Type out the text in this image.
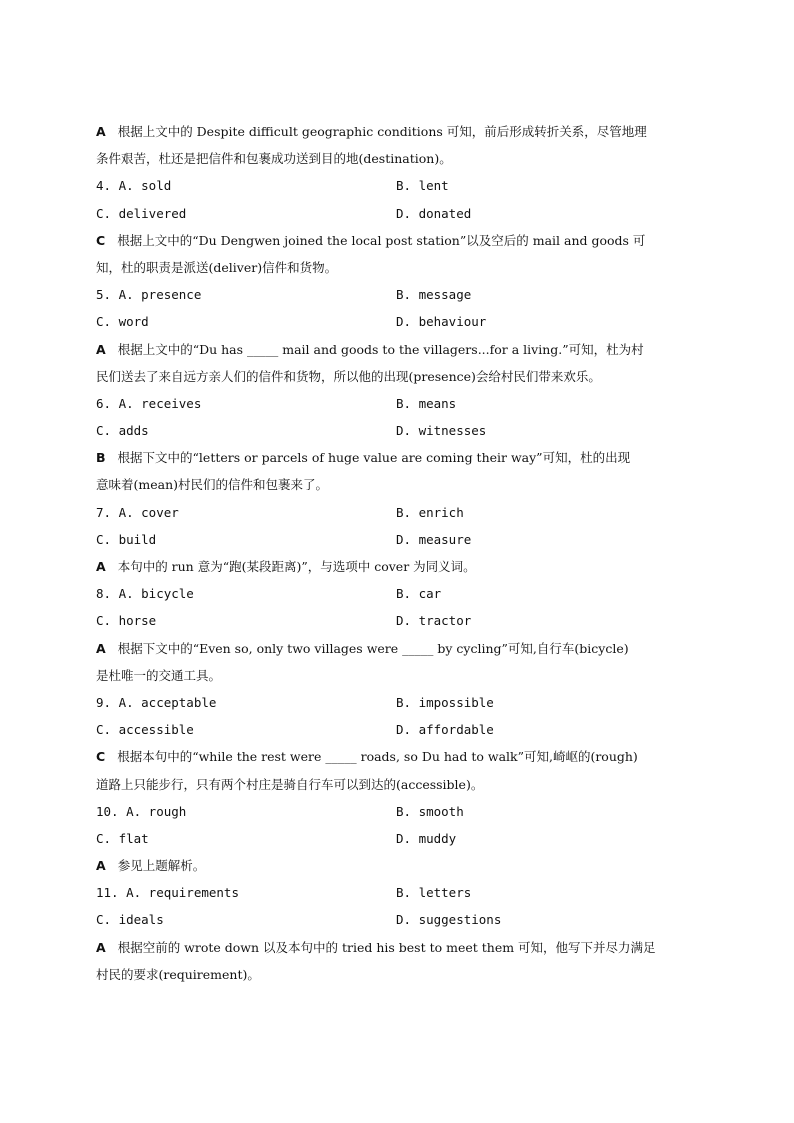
A 根据上文中的 Despite difficult geographic conditions 可知，前后形成转折关系，尽管地理
条件艰苦，杜还是把信件和包裹成功送到目的地(destination)。
4. A. sold	B. lent
C. delivered	D. donated
C 根据上文中的“Du Dengwen joined the local post station”以及空后的 mail and goods 可
知，杜的职责是派送(deliver)信件和货物。
5. A. presence	B. message
C. word	D. behaviour
A 根据上文中的“Du has _____ mail and goods to the villagers...for a living.”可知，杜为村
民们送去了来自远方亲人们的信件和货物，所以他的出现(presence)会给村民们带来欢乐。
6. A. receives	B. means
C. adds	D. witnesses
B 根据下文中的“letters or parcels of huge value are coming their way”可知，杜的出现
意味着(mean)村民们的信件和包裹来了。
7. A. cover	B. enrich
C. build	D. measure
A 本句中的 run 意为“跑(某段距离)”，与选项中 cover 为同义词。
8. A. bicycle	B. car
C. horse	D. tractor
A 根据下文中的“Even so, only two villages were _____ by cycling”可知,自行车(bicycle)
是杜唯一的交通工具。
9. A. acceptable	B. impossible
C. accessible	D. affordable
C 根据本句中的“while the rest were _____ roads, so Du had to walk”可知,崎岖的(rough)
道路上只能步行，只有两个村庄是骑自行车可以到达的(accessible)。
10. A. rough	B. smooth
C. flat	D. muddy
A 参见上题解析。
11. A. requirements	B. letters
C. ideals	D. suggestions
A 根据空前的 wrote down 以及本句中的 tried his best to meet them 可知，他写下并尽力满足
村民的要求(requirement)。
